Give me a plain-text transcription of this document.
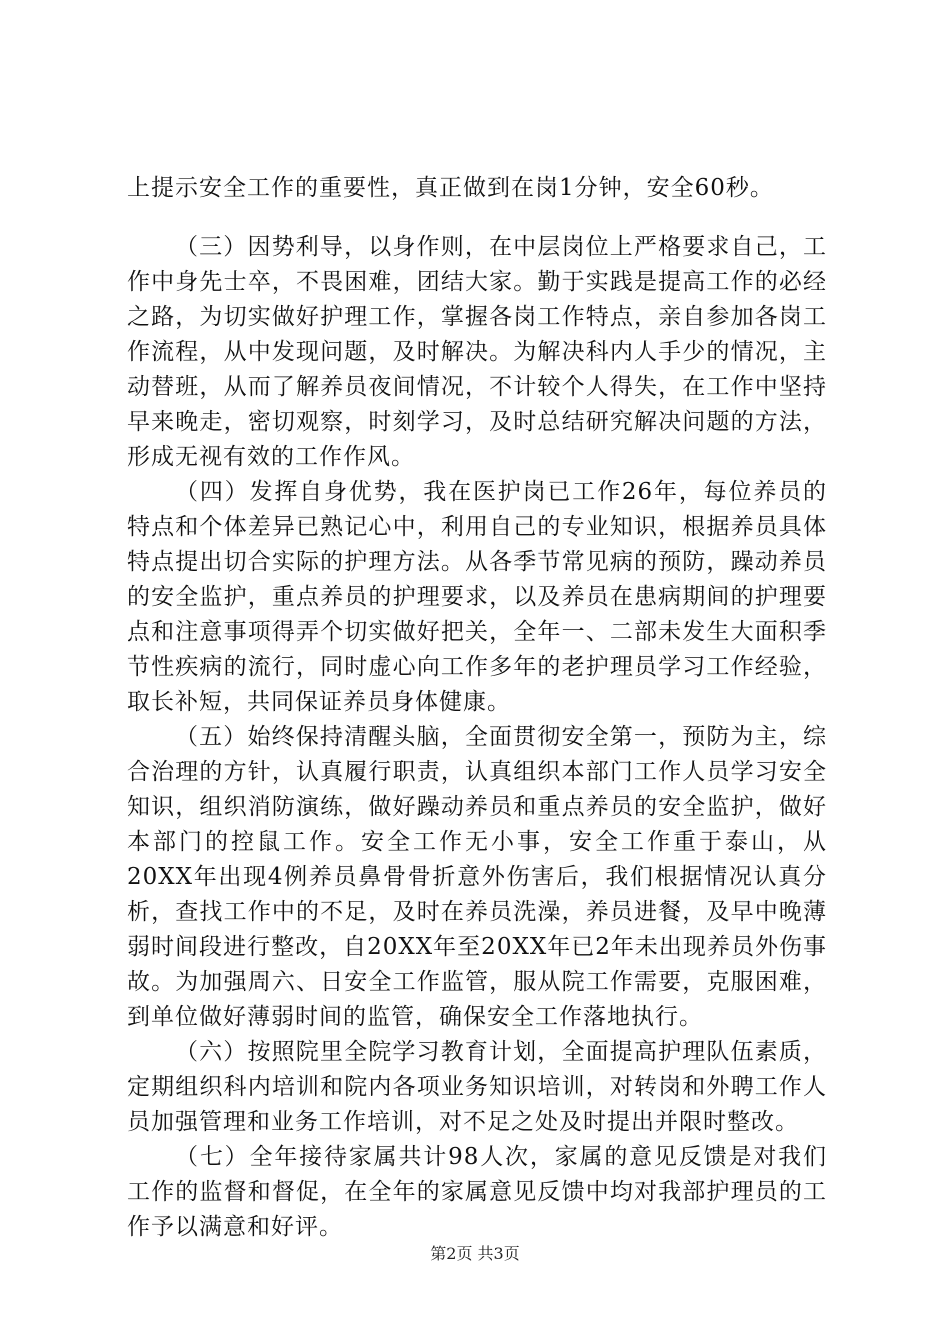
上提示安全工作的重要性，真正做到在岗1分钟，安全60秒。

（三）因势利导，以身作则，在中层岗位上严格要求自己，工作中身先士卒，不畏困难，团结大家。勤于实践是提高工作的必经之路，为切实做好护理工作，掌握各岗工作特点，亲自参加各岗工作流程，从中发现问题，及时解决。为解决科内人手少的情况，主动替班，从而了解养员夜间情况，不计较个人得失，在工作中坚持早来晚走，密切观察，时刻学习，及时总结研究解决问题的方法，形成无视有效的工作作风。

（四）发挥自身优势，我在医护岗已工作26年，每位养员的特点和个体差异已熟记心中，利用自己的专业知识，根据养员具体特点提出切合实际的护理方法。从各季节常见病的预防，躁动养员的安全监护，重点养员的护理要求，以及养员在患病期间的护理要点和注意事项得弄个切实做好把关，全年一、二部未发生大面积季节性疾病的流行，同时虚心向工作多年的老护理员学习工作经验，取长补短，共同保证养员身体健康。

（五）始终保持清醒头脑，全面贯彻安全第一，预防为主，综合治理的方针，认真履行职责，认真组织本部门工作人员学习安全知识，组织消防演练，做好躁动养员和重点养员的安全监护，做好本部门的控鼠工作。安全工作无小事，安全工作重于泰山，从20XX年出现4例养员鼻骨骨折意外伤害后，我们根据情况认真分析，查找工作中的不足，及时在养员洗澡，养员进餐，及早中晚薄弱时间段进行整改，自20XX年至20XX年已2年未出现养员外伤事故。为加强周六、日安全工作监管，服从院工作需要，克服困难，到单位做好薄弱时间的监管，确保安全工作落地执行。

（六）按照院里全院学习教育计划，全面提高护理队伍素质，定期组织科内培训和院内各项业务知识培训，对转岗和外聘工作人员加强管理和业务工作培训，对不足之处及时提出并限时整改。

（七）全年接待家属共计98人次，家属的意见反馈是对我们工作的监督和督促，在全年的家属意见反馈中均对我部护理员的工作予以满意和好评。

第2页 共3页
